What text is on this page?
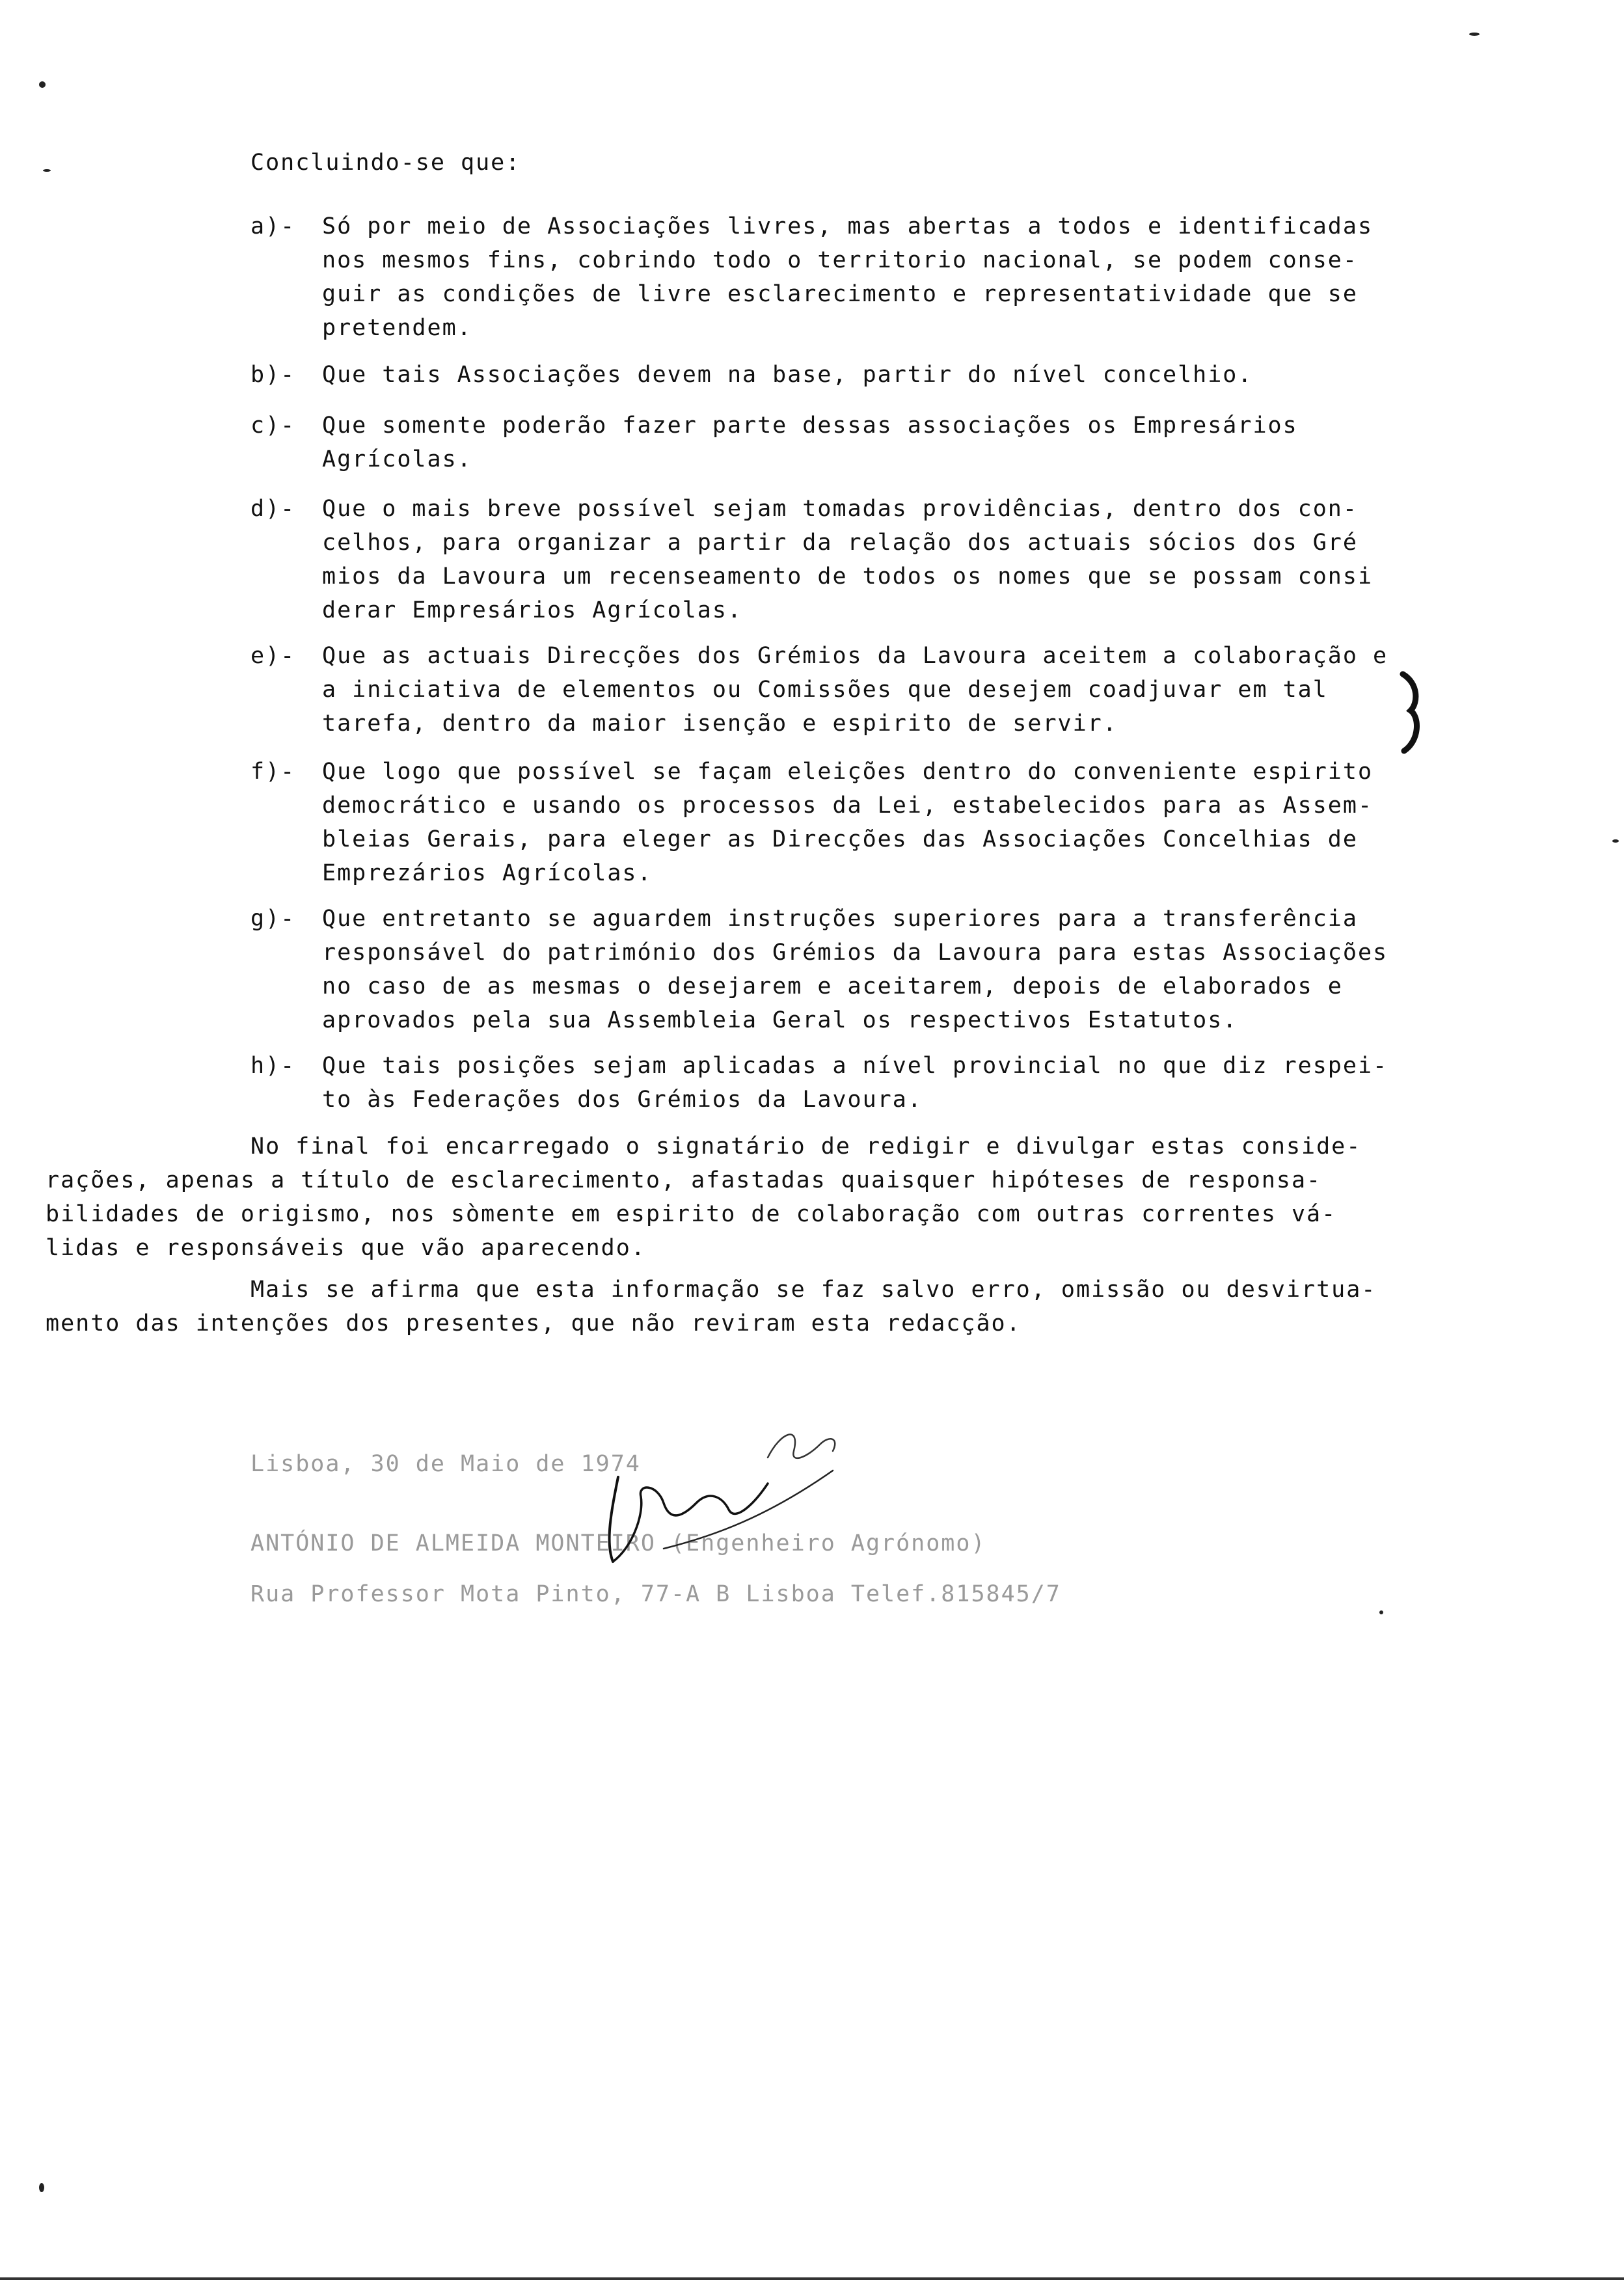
Concluindo-se que:
a)-	Só por meio de Associações livres, mas abertas a todos e identificadas
nos mesmos fins, cobrindo todo o territorio nacional, se podem conse-
guir as condições de livre esclarecimento e representatividade que se
pretendem.
b)-	Que tais Associações devem na base, partir do nível concelhio.
c)-	Que somente poderão fazer parte dessas associações os Empresários
Agrícolas.
d)-	Que o mais breve possível sejam tomadas providências, dentro dos con-
celhos, para organizar a partir da relação dos actuais sócios dos Gré
mios da Lavoura um recenseamento de todos os nomes que se possam consi
derar Empresários Agrícolas.
e)-	Que as actuais Direcções dos Grémios da Lavoura aceitem a colaboração e
a iniciativa de elementos ou Comissões que desejem coadjuvar em tal
tarefa, dentro da maior isenção e espirito de servir.
f)-	Que logo que possível se façam eleições dentro do conveniente espirito
democrático e usando os processos da Lei, estabelecidos para as Assem-
bleias Gerais, para eleger as Direcções das Associações Concelhias de
Emprezários Agrícolas.
g)-	Que entretanto se aguardem instruções superiores para a transferência
responsável do património dos Grémios da Lavoura para estas Associações
no caso de as mesmas o desejarem e aceitarem, depois de elaborados e
aprovados pela sua Assembleia Geral os respectivos Estatutos.
h)-	Que tais posições sejam aplicadas a nível provincial no que diz respei-
to às Federações dos Grémios da Lavoura.
No final foi encarregado o signatário de redigir e divulgar estas conside-
rações, apenas a título de esclarecimento, afastadas quaisquer hipóteses de responsa-
bilidades de origismo, nos sòmente em espirito de colaboração com outras correntes vá-
lidas e responsáveis que vão aparecendo.
Mais se afirma que esta informação se faz salvo erro, omissão ou desvirtua-
mento das intenções dos presentes, que não reviram esta redacção.
Lisboa, 30 de Maio de 1974
ANTÓNIO DE ALMEIDA MONTEIRO (Engenheiro Agrónomo)
Rua Professor Mota Pinto, 77-A B Lisboa Telef.815845/7
